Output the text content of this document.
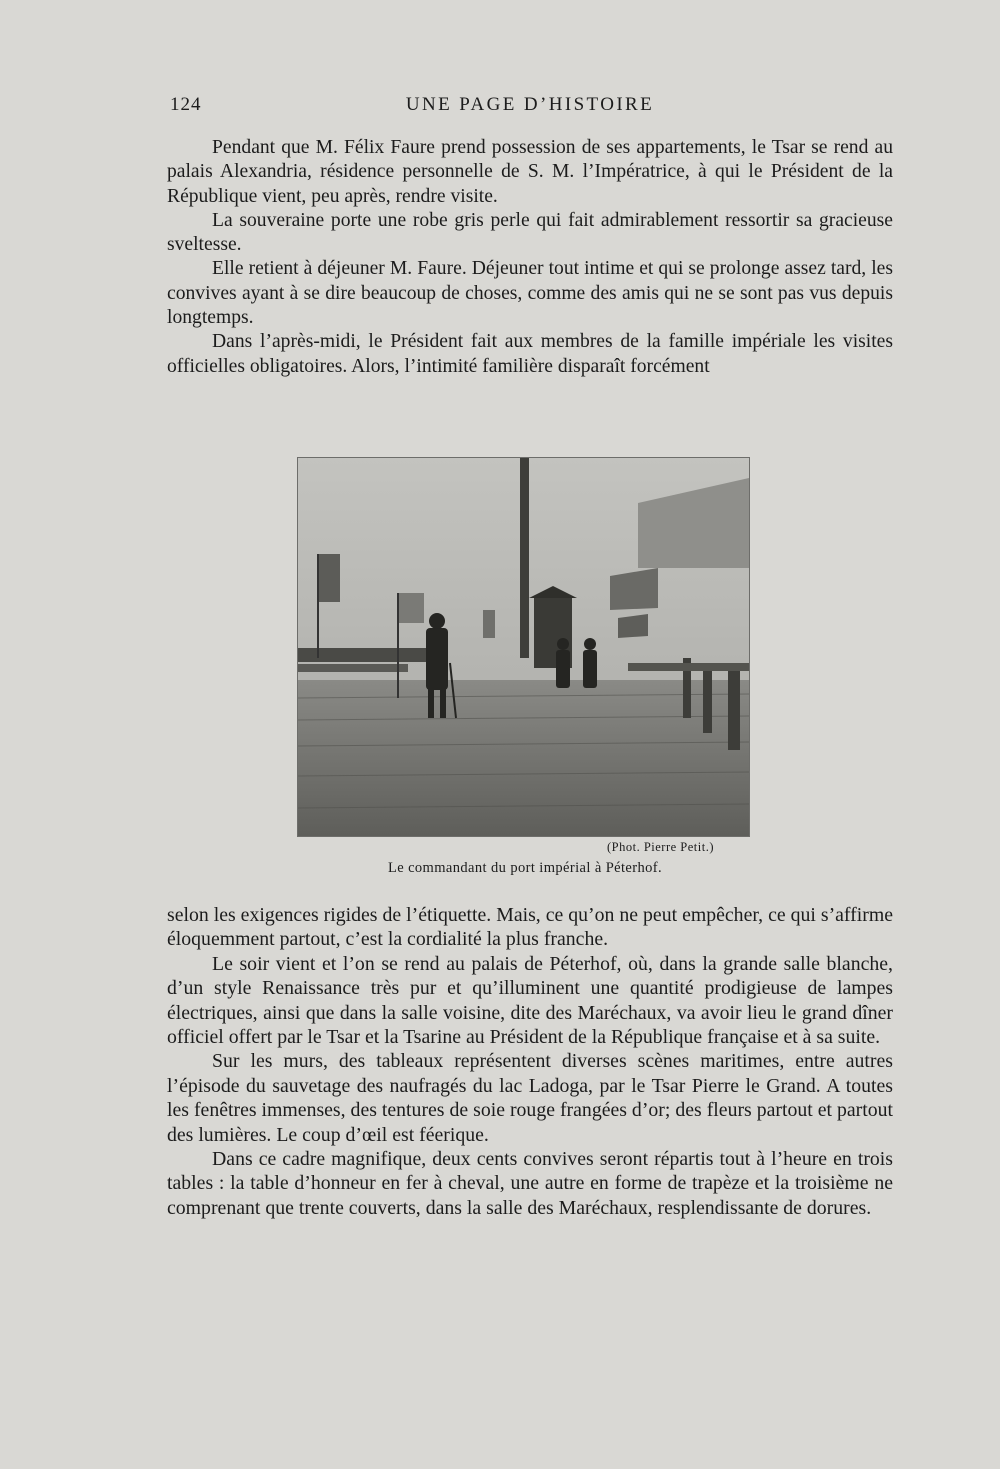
124	UNE PAGE D’HISTOIRE

Pendant que M. Félix Faure prend possession de ses appartements, le Tsar se rend au palais Alexandria, résidence personnelle de S. M. l’Impératrice, à qui le Président de la République vient, peu après, rendre visite.

La souveraine porte une robe gris perle qui fait admirablement ressortir sa gracieuse sveltesse.

Elle retient à déjeuner M. Faure. Déjeuner tout intime et qui se prolonge assez tard, les convives ayant à se dire beaucoup de choses, comme des amis qui ne se sont pas vus depuis longtemps.

Dans l’après-midi, le Président fait aux membres de la famille impériale les visites officielles obligatoires. Alors, l’intimité familière disparaît forcément

(Phot. Pierre Petit.)
Le commandant du port impérial à Péterhof.

selon les exigences rigides de l’étiquette. Mais, ce qu’on ne peut empêcher, ce qui s’affirme éloquemment partout, c’est la cordialité la plus franche.

Le soir vient et l’on se rend au palais de Péterhof, où, dans la grande salle blanche, d’un style Renaissance très pur et qu’illuminent une quantité prodigieuse de lampes électriques, ainsi que dans la salle voisine, dite des Maréchaux, va avoir lieu le grand dîner officiel offert par le Tsar et la Tsarine au Président de la République française et à sa suite.

Sur les murs, des tableaux représentent diverses scènes maritimes, entre autres l’épisode du sauvetage des naufragés du lac Ladoga, par le Tsar Pierre le Grand. A toutes les fenêtres immenses, des tentures de soie rouge frangées d’or; des fleurs partout et partout des lumières. Le coup d’œil est féerique.

Dans ce cadre magnifique, deux cents convives seront répartis tout à l’heure en trois tables : la table d’honneur en fer à cheval, une autre en forme de trapèze et la troisième ne comprenant que trente couverts, dans la salle des Maréchaux, resplendissante de dorures.
